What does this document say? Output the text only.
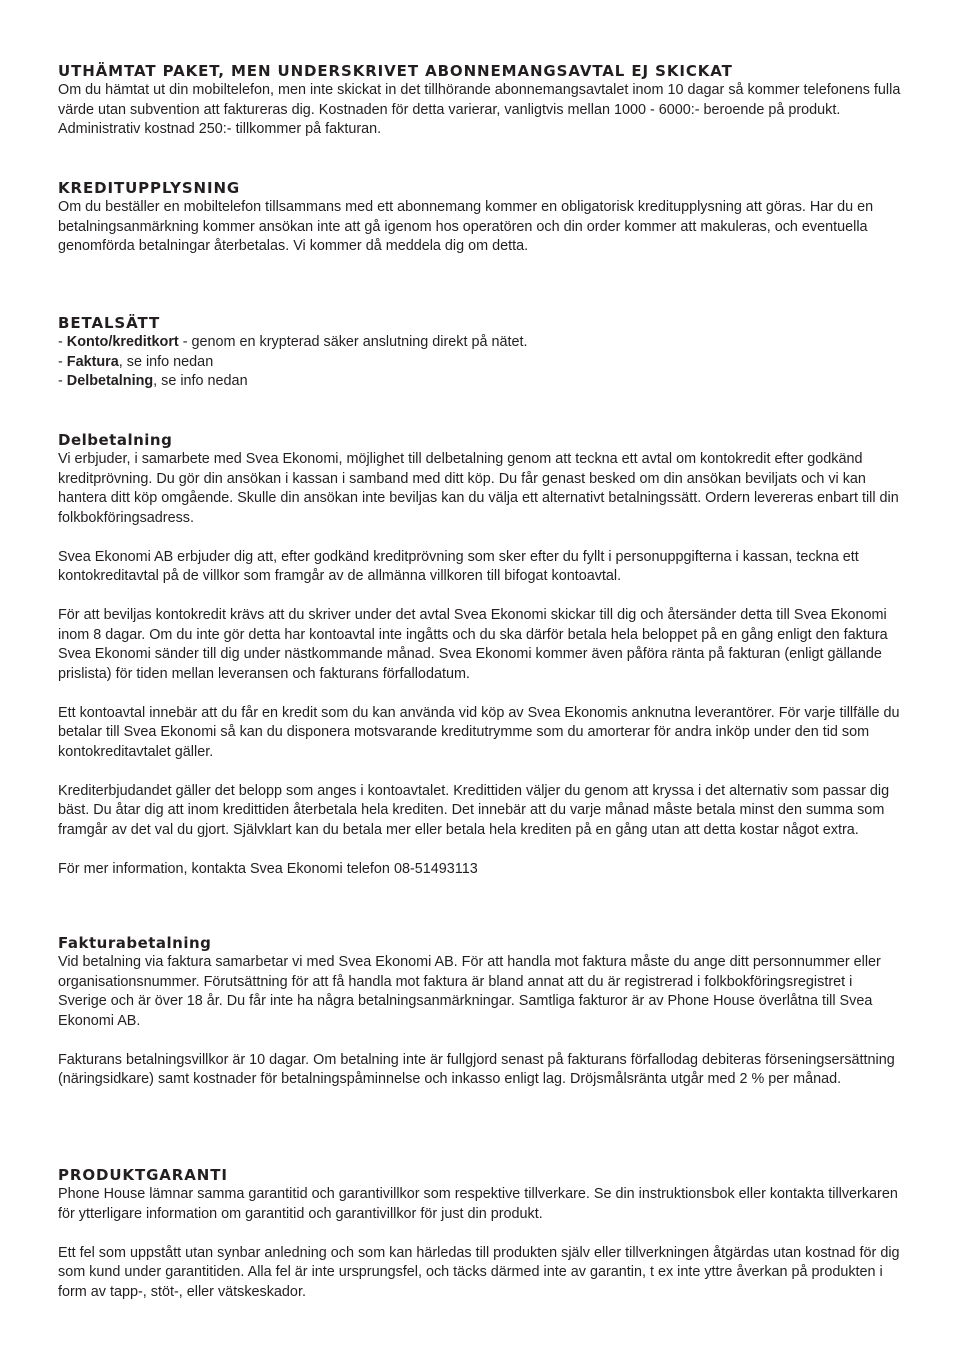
UTHÄMTAT PAKET, MEN UNDERSKRIVET ABONNEMANGSAVTAL EJ SKICKAT

Om du hämtat ut din mobiltelefon, men inte skickat in det tillhörande abonnemangsavtalet inom 10 dagar så kommer telefonens fulla värde utan subvention att faktureras dig. Kostnaden för detta varierar, vanligtvis mellan 1000 - 6000:- beroende på produkt. Administrativ kostnad 250:- tillkommer på fakturan.

KREDITUPPLYSNING

Om du beställer en mobiltelefon tillsammans med ett abonnemang kommer en obligatorisk kreditupplysning att göras. Har du en betalningsanmärkning kommer ansökan inte att gå igenom hos operatören och din order kommer att makuleras, och eventuella genomförda betalningar återbetalas. Vi kommer då meddela dig om detta.

BETALSÄTT

- Konto/kreditkort - genom en krypterad säker anslutning direkt på nätet.

- Faktura, se info nedan

- Delbetalning, se info nedan

Delbetalning

Vi erbjuder, i samarbete med Svea Ekonomi, möjlighet till delbetalning genom att teckna ett avtal om kontokredit efter godkänd kreditprövning. Du gör din ansökan i kassan i samband med ditt köp. Du får genast besked om din ansökan beviljats och vi kan hantera ditt köp omgående. Skulle din ansökan inte beviljas kan du välja ett alternativt betalningssätt. Ordern levereras enbart till din folkbokföringsadress.

Svea Ekonomi AB erbjuder dig att, efter godkänd kreditprövning som sker efter du fyllt i personuppgifterna i kassan, teckna ett kontokreditavtal på de villkor som framgår av de allmänna villkoren till bifogat kontoavtal.

För att beviljas kontokredit krävs att du skriver under det avtal Svea Ekonomi skickar till dig och återsänder detta till Svea Ekonomi inom 8 dagar. Om du inte gör detta har kontoavtal inte ingåtts och du ska därför betala hela beloppet på en gång enligt den faktura Svea Ekonomi sänder till dig under nästkommande månad. Svea Ekonomi kommer även påföra ränta på fakturan (enligt gällande prislista) för tiden mellan leveransen och fakturans förfallodatum.

Ett kontoavtal innebär att du får en kredit som du kan använda vid köp av Svea Ekonomis anknutna leverantörer. För varje tillfälle du betalar till Svea Ekonomi så kan du disponera motsvarande kreditutrymme som du amorterar för andra inköp under den tid som kontokreditavtalet gäller.

Krediterbjudandet gäller det belopp som anges i kontoavtalet. Kredittiden väljer du genom att kryssa i det alternativ som passar dig bäst. Du åtar dig att inom kredittiden återbetala hela krediten. Det innebär att du varje månad måste betala minst den summa som framgår av det val du gjort. Självklart kan du betala mer eller betala hela krediten på en gång utan att detta kostar något extra.

För mer information, kontakta Svea Ekonomi telefon 08-51493113

Fakturabetalning

Vid betalning via faktura samarbetar vi med Svea Ekonomi AB. För att handla mot faktura måste du ange ditt personnummer eller organisationsnummer. Förutsättning för att få handla mot faktura är bland annat att du är registrerad i folkbokföringsregistret i Sverige och är över 18 år. Du får inte ha några betalningsanmärkningar. Samtliga fakturor är av Phone House överlåtna till Svea Ekonomi AB.

Fakturans betalningsvillkor är 10 dagar. Om betalning inte är fullgjord senast på fakturans förfallodag debiteras förseningsersättning (näringsidkare) samt kostnader för betalningspåminnelse och inkasso enligt lag. Dröjsmålsränta utgår med 2 % per månad.

PRODUKTGARANTI

Phone House lämnar samma garantitid och garantivillkor som respektive tillverkare. Se din instruktionsbok eller kontakta tillverkaren för ytterligare information om garantitid och garantivillkor för just din produkt.

Ett fel som uppstått utan synbar anledning och som kan härledas till produkten själv eller tillverkningen åtgärdas utan kostnad för dig som kund under garantitiden. Alla fel är inte ursprungsfel, och täcks därmed inte av garantin, t ex inte yttre åverkan på produkten i form av tapp-, stöt-, eller vätskeskador.
